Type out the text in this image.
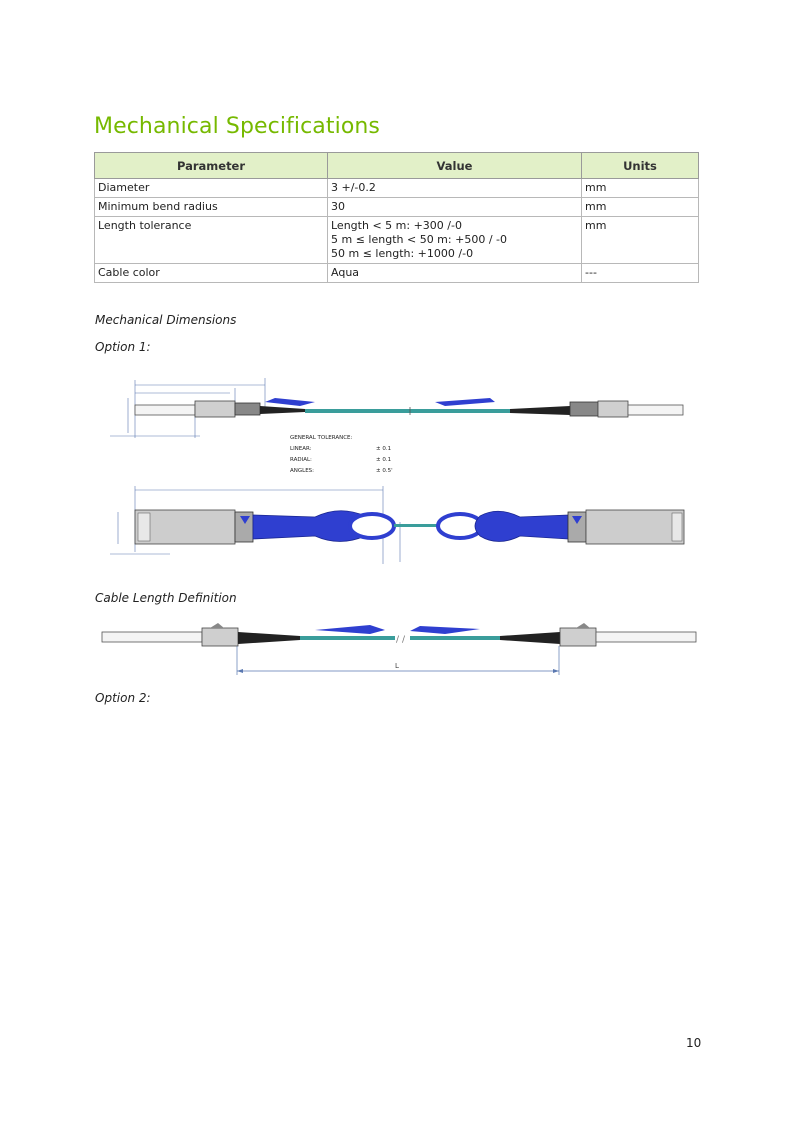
Mechanical Specifications
Parameter	Value	Units
Diameter	3 +/-0.2	mm
Minimum bend radius	30	mm
Length tolerance	Length < 5 m: +300 /-0
5 m ≤ length < 50 m: +500 / -0
50 m ≤ length: +1000 /-0	mm
Cable color	Aqua	---
Mechanical Dimensions
Option 1:
GENERAL TOLERANCE:
LINEAR:	± 0.1
RADIAL:	± 0.1
ANGLES:	± 0.5'
Cable Length Definition
/ /
L
Option 2:
10
